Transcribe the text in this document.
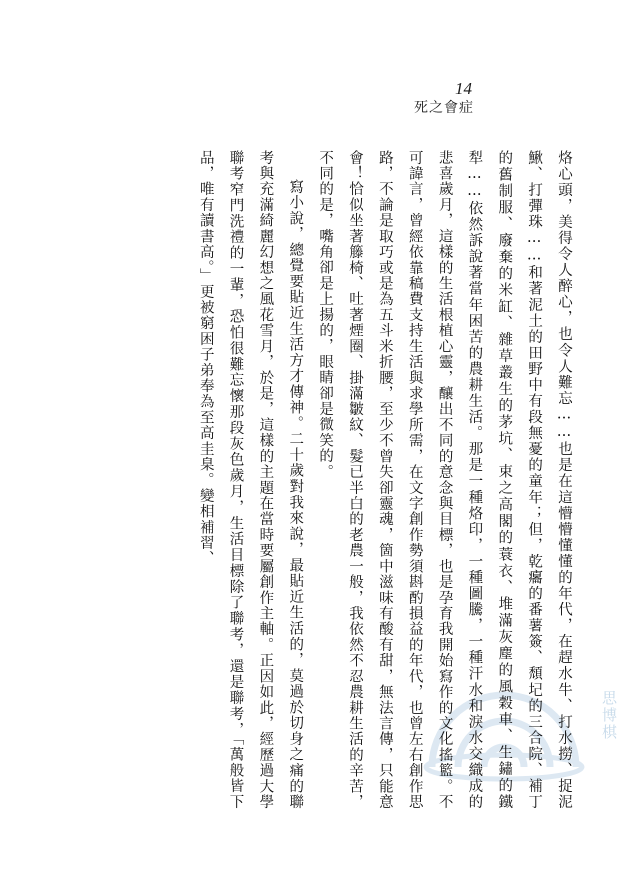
14
死之會症
思博棋

烙心頭，美得令人醉心，也令人難忘……也是在這懵懵懂懂的年代，在趕水牛、打水撈、捉泥鰍、打彈珠……和著泥土的田野中有段無憂的童年；但，乾癟的番薯簽、頹圮的三合院、補丁的舊制服、廢棄的米缸、雜草叢生的茅坑、束之高閣的蓑衣、堆滿灰塵的風穀車、生鏽的鐵犁……依然訴說著當年困苦的農耕生活。那是一種烙印，一種圖騰，一種汗水和淚水交織成的悲喜歲月，這樣的生活根植心靈，釀出不同的意念與目標，也是孕育我開始寫作的文化搖籃。不可諱言，曾經依靠稿費支持生活與求學所需，在文字創作勢須斟酌損益的年代，也曾左右創作思路，不論是取巧或是為五斗米折腰，至少不曾失卻靈魂，箇中滋味有酸有甜，無法言傳，只能意會！恰似坐著籐椅、吐著煙圈、掛滿皺紋、髮已半白的老農一般，我依然不忍農耕生活的辛苦，不同的是，嘴角卻是上揚的，眼睛卻是微笑的。

寫小說，總覺要貼近生活方才傳神。二十歲對我來說，最貼近生活的，莫過於切身之痛的聯考與充滿綺麗幻想之風花雪月，於是，這樣的主題在當時要屬創作主軸。正因如此，經歷過大學聯考窄門洗禮的一輩，恐怕很難忘懷那段灰色歲月，生活目標除了聯考，還是聯考，「萬般皆下品，唯有讀書高。」更被窮困子弟奉為至高圭臬。變相補習、
